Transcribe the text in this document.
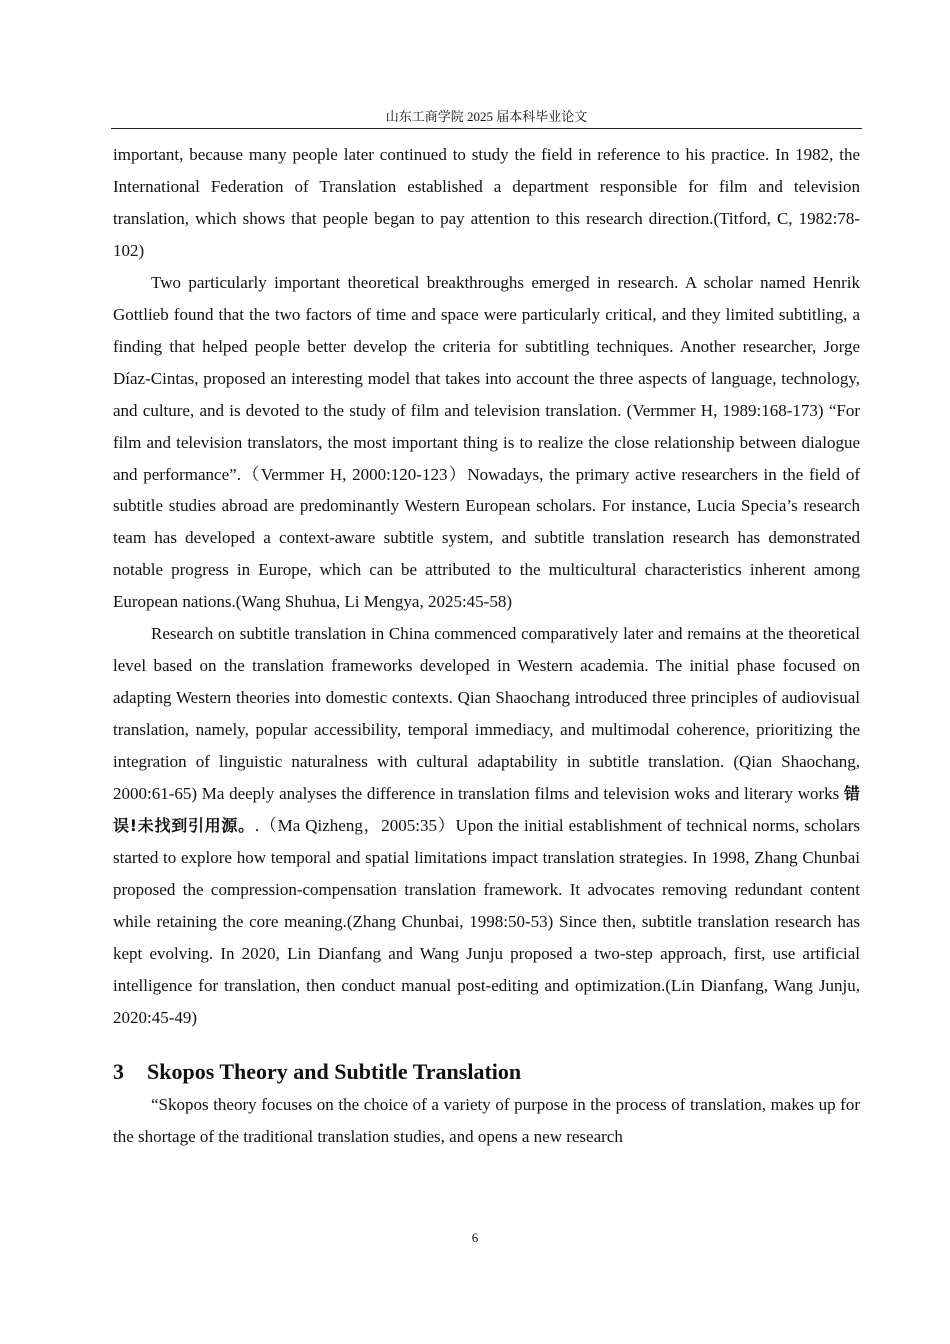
山东工商学院 2025 届本科毕业论文

important, because many people later continued to study the field in reference to his practice. In 1982, the International Federation of Translation established a department responsible for film and television translation, which shows that people began to pay attention to this research direction.(Titford, C, 1982:78-102)

Two particularly important theoretical breakthroughs emerged in research. A scholar named Henrik Gottlieb found that the two factors of time and space were particularly critical, and they limited subtitling, a finding that helped people better develop the criteria for subtitling techniques. Another researcher, Jorge Díaz-Cintas, proposed an interesting model that takes into account the three aspects of language, technology, and culture, and is devoted to the study of film and television translation. (Vermmer H, 1989:168-173) “For film and television translators, the most important thing is to realize the close relationship between dialogue and performance”.（Vermmer H, 2000:120-123）Nowadays, the primary active researchers in the field of subtitle studies abroad are predominantly Western European scholars. For instance, Lucia Specia’s research team has developed a context-aware subtitle system, and subtitle translation research has demonstrated notable progress in Europe, which can be attributed to the multicultural characteristics inherent among European nations.(Wang Shuhua, Li Mengya, 2025:45-58)

Research on subtitle translation in China commenced comparatively later and remains at the theoretical level based on the translation frameworks developed in Western academia. The initial phase focused on adapting Western theories into domestic contexts. Qian Shaochang introduced three principles of audiovisual translation, namely, popular accessibility, temporal immediacy, and multimodal coherence, prioritizing the integration of linguistic naturalness with cultural adaptability in subtitle translation. (Qian Shaochang, 2000:61-65) Ma deeply analyses the difference in translation films and television woks and literary works 错误!未找到引用源。.（Ma Qizheng，2005:35）Upon the initial establishment of technical norms, scholars started to explore how temporal and spatial limitations impact translation strategies. In 1998, Zhang Chunbai proposed the compression-compensation translation framework. It advocates removing redundant content while retaining the core meaning.(Zhang Chunbai, 1998:50-53) Since then, subtitle translation research has kept evolving. In 2020, Lin Dianfang and Wang Junju proposed a two-step approach, first, use artificial intelligence for translation, then conduct manual post-editing and optimization.(Lin Dianfang, Wang Junju, 2020:45-49)

3 Skopos Theory and Subtitle Translation

“Skopos theory focuses on the choice of a variety of purpose in the process of translation, makes up for the shortage of the traditional translation studies, and opens a new research

6
